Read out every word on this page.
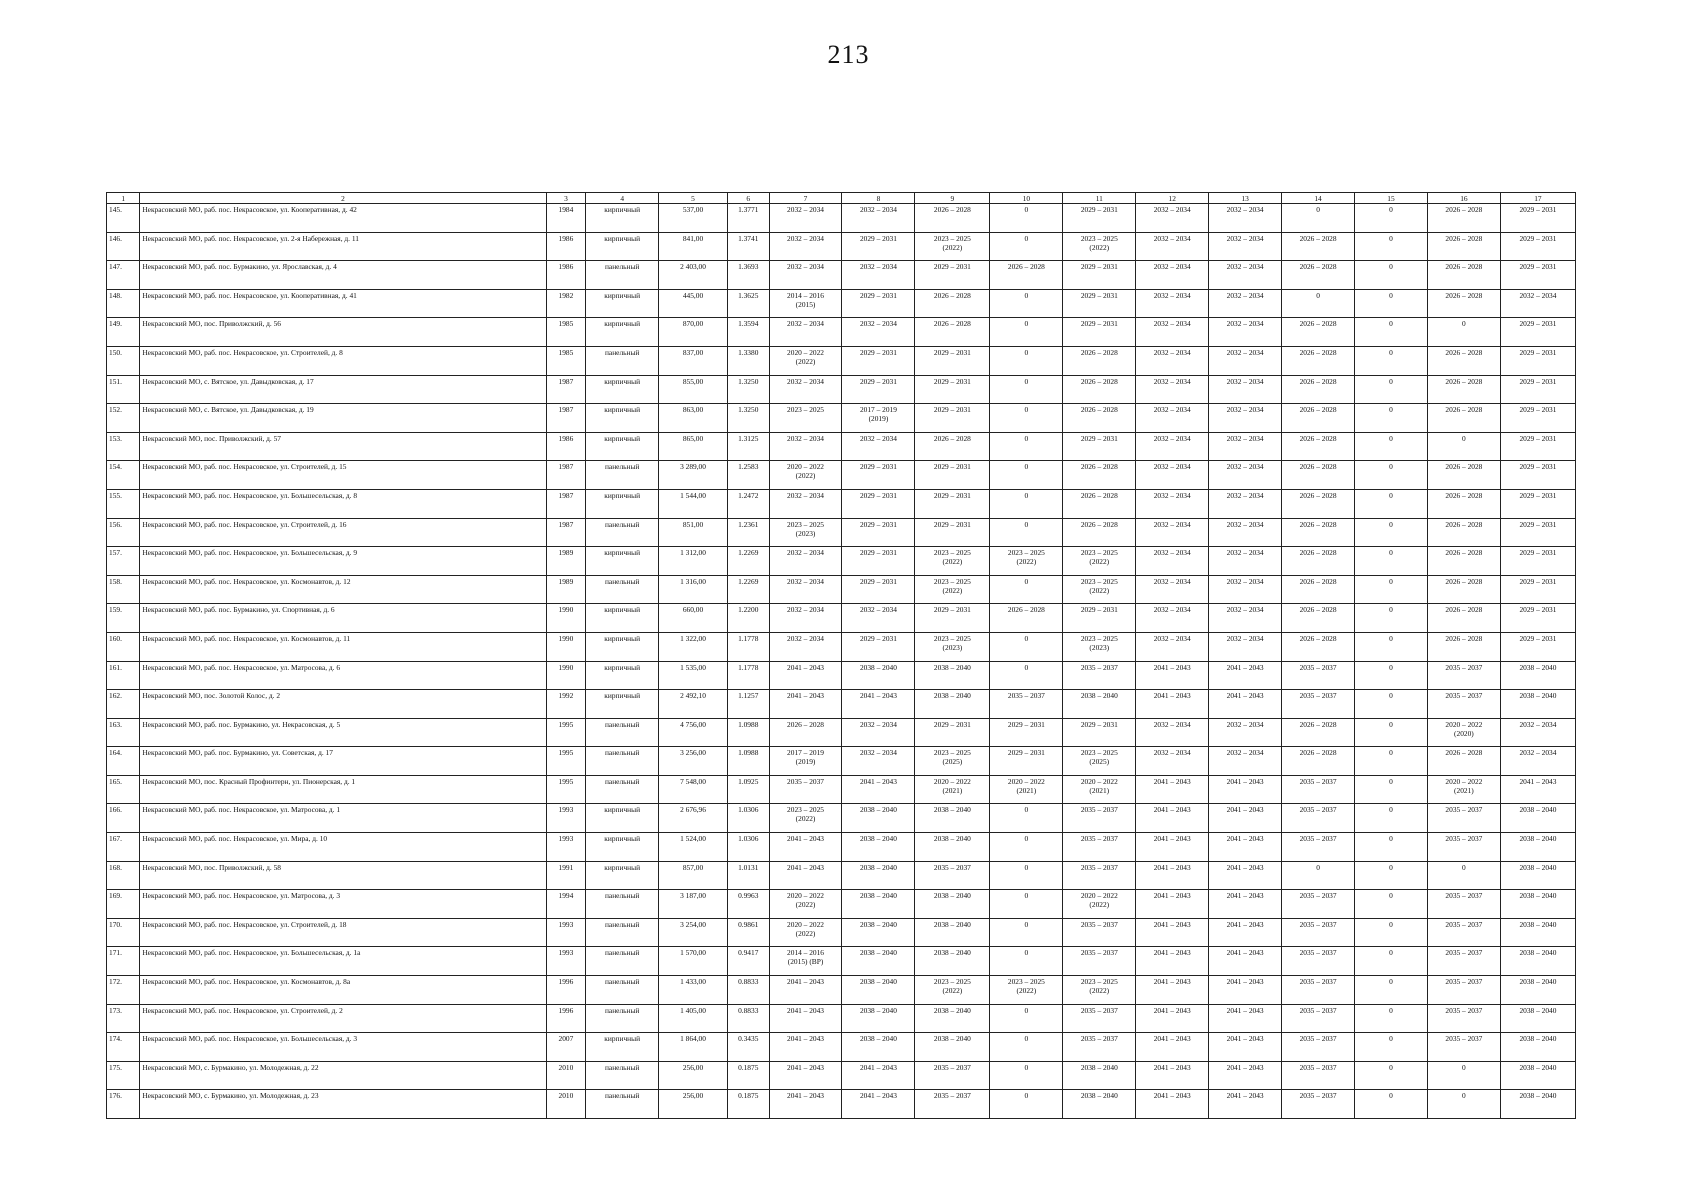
213
1	2	3	4	5	6	7	8	9	10	11	12	13	14	15	16	17
145.	Некрасовский МО, раб. пос. Некрасовское, ул. Кооперативная, д. 42	1984	кирпичный	537,00	1.3771	2032 – 2034	2032 – 2034	2026 – 2028	0	2029 – 2031	2032 – 2034	2032 – 2034	0	0	2026 – 2028	2029 – 2031
146.	Некрасовский МО, раб. пос. Некрасовское, ул. 2-я Набережная, д. 11	1986	кирпичный	841,00	1.3741	2032 – 2034	2029 – 2031	2023 – 2025
(2022)	0	2023 – 2025
(2022)	2032 – 2034	2032 – 2034	2026 – 2028	0	2026 – 2028	2029 – 2031
147.	Некрасовский МО, раб. пос. Бурмакино, ул. Ярославская, д. 4	1986	панельный	2 403,00	1.3693	2032 – 2034	2032 – 2034	2029 – 2031	2026 – 2028	2029 – 2031	2032 – 2034	2032 – 2034	2026 – 2028	0	2026 – 2028	2029 – 2031
148.	Некрасовский МО, раб. пос. Некрасовское, ул. Кооперативная, д. 41	1982	кирпичный	445,00	1.3625	2014 – 2016
(2015)	2029 – 2031	2026 – 2028	0	2029 – 2031	2032 – 2034	2032 – 2034	0	0	2026 – 2028	2032 – 2034
149.	Некрасовский МО, пос. Приволжский, д. 56	1985	кирпичный	870,00	1.3594	2032 – 2034	2032 – 2034	2026 – 2028	0	2029 – 2031	2032 – 2034	2032 – 2034	2026 – 2028	0	0	2029 – 2031
150.	Некрасовский МО, раб. пос. Некрасовское, ул. Строителей, д. 8	1985	панельный	837,00	1.3380	2020 – 2022
(2022)	2029 – 2031	2029 – 2031	0	2026 – 2028	2032 – 2034	2032 – 2034	2026 – 2028	0	2026 – 2028	2029 – 2031
151.	Некрасовский МО, с. Вятское, ул. Давыдковская, д. 17	1987	кирпичный	855,00	1.3250	2032 – 2034	2029 – 2031	2029 – 2031	0	2026 – 2028	2032 – 2034	2032 – 2034	2026 – 2028	0	2026 – 2028	2029 – 2031
152.	Некрасовский МО, с. Вятское, ул. Давыдковская, д. 19	1987	кирпичный	863,00	1.3250	2023 – 2025	2017 – 2019
(2019)	2029 – 2031	0	2026 – 2028	2032 – 2034	2032 – 2034	2026 – 2028	0	2026 – 2028	2029 – 2031
153.	Некрасовский МО, пос. Приволжский, д. 57	1986	кирпичный	865,00	1.3125	2032 – 2034	2032 – 2034	2026 – 2028	0	2029 – 2031	2032 – 2034	2032 – 2034	2026 – 2028	0	0	2029 – 2031
154.	Некрасовский МО, раб. пос. Некрасовское, ул. Строителей, д. 15	1987	панельный	3 289,00	1.2583	2020 – 2022
(2022)	2029 – 2031	2029 – 2031	0	2026 – 2028	2032 – 2034	2032 – 2034	2026 – 2028	0	2026 – 2028	2029 – 2031
155.	Некрасовский МО, раб. пос. Некрасовское, ул. Большесельская, д. 8	1987	кирпичный	1 544,00	1.2472	2032 – 2034	2029 – 2031	2029 – 2031	0	2026 – 2028	2032 – 2034	2032 – 2034	2026 – 2028	0	2026 – 2028	2029 – 2031
156.	Некрасовский МО, раб. пос. Некрасовское, ул. Строителей, д. 16	1987	панельный	851,00	1.2361	2023 – 2025
(2023)	2029 – 2031	2029 – 2031	0	2026 – 2028	2032 – 2034	2032 – 2034	2026 – 2028	0	2026 – 2028	2029 – 2031
157.	Некрасовский МО, раб. пос. Некрасовское, ул. Большесельская, д. 9	1989	кирпичный	1 312,00	1.2269	2032 – 2034	2029 – 2031	2023 – 2025
(2022)	2023 – 2025
(2022)	2023 – 2025
(2022)	2032 – 2034	2032 – 2034	2026 – 2028	0	2026 – 2028	2029 – 2031
158.	Некрасовский МО, раб. пос. Некрасовское, ул. Космонавтов, д. 12	1989	панельный	1 316,00	1.2269	2032 – 2034	2029 – 2031	2023 – 2025
(2022)	0	2023 – 2025
(2022)	2032 – 2034	2032 – 2034	2026 – 2028	0	2026 – 2028	2029 – 2031
159.	Некрасовский МО, раб. пос. Бурмакино, ул. Спортивная, д. 6	1990	кирпичный	660,00	1.2200	2032 – 2034	2032 – 2034	2029 – 2031	2026 – 2028	2029 – 2031	2032 – 2034	2032 – 2034	2026 – 2028	0	2026 – 2028	2029 – 2031
160.	Некрасовский МО, раб. пос. Некрасовское, ул. Космонавтов, д. 11	1990	кирпичный	1 322,00	1.1778	2032 – 2034	2029 – 2031	2023 – 2025
(2023)	0	2023 – 2025
(2023)	2032 – 2034	2032 – 2034	2026 – 2028	0	2026 – 2028	2029 – 2031
161.	Некрасовский МО, раб. пос. Некрасовское, ул. Матросова, д. 6	1990	кирпичный	1 535,00	1.1778	2041 – 2043	2038 – 2040	2038 – 2040	0	2035 – 2037	2041 – 2043	2041 – 2043	2035 – 2037	0	2035 – 2037	2038 – 2040
162.	Некрасовский МО, пос. Золотой Колос, д. 2	1992	кирпичный	2 492,10	1.1257	2041 – 2043	2041 – 2043	2038 – 2040	2035 – 2037	2038 – 2040	2041 – 2043	2041 – 2043	2035 – 2037	0	2035 – 2037	2038 – 2040
163.	Некрасовский МО, раб. пос. Бурмакино, ул. Некрасовская, д. 5	1995	панельный	4 756,00	1.0988	2026 – 2028	2032 – 2034	2029 – 2031	2029 – 2031	2029 – 2031	2032 – 2034	2032 – 2034	2026 – 2028	0	2020 – 2022
(2020)	2032 – 2034
164.	Некрасовский МО, раб. пос. Бурмакино, ул. Советская, д. 17	1995	панельный	3 256,00	1.0988	2017 – 2019
(2019)	2032 – 2034	2023 – 2025
(2025)	2029 – 2031	2023 – 2025
(2025)	2032 – 2034	2032 – 2034	2026 – 2028	0	2026 – 2028	2032 – 2034
165.	Некрасовский МО, пос. Красный Профинтерн, ул. Пионерская, д. 1	1995	панельный	7 548,00	1.0925	2035 – 2037	2041 – 2043	2020 – 2022
(2021)	2020 – 2022
(2021)	2020 – 2022
(2021)	2041 – 2043	2041 – 2043	2035 – 2037	0	2020 – 2022
(2021)	2041 – 2043
166.	Некрасовский МО, раб. пос. Некрасовское, ул. Матросова, д. 1	1993	кирпичный	2 676,96	1.0306	2023 – 2025
(2022)	2038 – 2040	2038 – 2040	0	2035 – 2037	2041 – 2043	2041 – 2043	2035 – 2037	0	2035 – 2037	2038 – 2040
167.	Некрасовский МО, раб. пос. Некрасовское, ул. Мира, д. 10	1993	кирпичный	1 524,00	1.0306	2041 – 2043	2038 – 2040	2038 – 2040	0	2035 – 2037	2041 – 2043	2041 – 2043	2035 – 2037	0	2035 – 2037	2038 – 2040
168.	Некрасовский МО, пос. Приволжский, д. 58	1991	кирпичный	857,00	1.0131	2041 – 2043	2038 – 2040	2035 – 2037	0	2035 – 2037	2041 – 2043	2041 – 2043	0	0	0	2038 – 2040
169.	Некрасовский МО, раб. пос. Некрасовское, ул. Матросова, д. 3	1994	панельный	3 187,00	0.9963	2020 – 2022
(2022)	2038 – 2040	2038 – 2040	0	2020 – 2022
(2022)	2041 – 2043	2041 – 2043	2035 – 2037	0	2035 – 2037	2038 – 2040
170.	Некрасовский МО, раб. пос. Некрасовское, ул. Строителей, д. 18	1993	панельный	3 254,00	0.9861	2020 – 2022
(2022)	2038 – 2040	2038 – 2040	0	2035 – 2037	2041 – 2043	2041 – 2043	2035 – 2037	0	2035 – 2037	2038 – 2040
171.	Некрасовский МО, раб. пос. Некрасовское, ул. Большесельская, д. 1а	1993	панельный	1 570,00	0.9417	2014 – 2016
(2015) (ВР)	2038 – 2040	2038 – 2040	0	2035 – 2037	2041 – 2043	2041 – 2043	2035 – 2037	0	2035 – 2037	2038 – 2040
172.	Некрасовский МО, раб. пос. Некрасовское, ул. Космонавтов, д. 8а	1996	панельный	1 433,00	0.8833	2041 – 2043	2038 – 2040	2023 – 2025
(2022)	2023 – 2025
(2022)	2023 – 2025
(2022)	2041 – 2043	2041 – 2043	2035 – 2037	0	2035 – 2037	2038 – 2040
173.	Некрасовский МО, раб. пос. Некрасовское, ул. Строителей, д. 2	1996	панельный	1 405,00	0.8833	2041 – 2043	2038 – 2040	2038 – 2040	0	2035 – 2037	2041 – 2043	2041 – 2043	2035 – 2037	0	2035 – 2037	2038 – 2040
174.	Некрасовский МО, раб. пос. Некрасовское, ул. Большесельская, д. 3	2007	кирпичный	1 864,00	0.3435	2041 – 2043	2038 – 2040	2038 – 2040	0	2035 – 2037	2041 – 2043	2041 – 2043	2035 – 2037	0	2035 – 2037	2038 – 2040
175.	Некрасовский МО, с. Бурмакино, ул. Молодежная, д. 22	2010	панельный	256,00	0.1875	2041 – 2043	2041 – 2043	2035 – 2037	0	2038 – 2040	2041 – 2043	2041 – 2043	2035 – 2037	0	0	2038 – 2040
176.	Некрасовский МО, с. Бурмакино, ул. Молодежная, д. 23	2010	панельный	256,00	0.1875	2041 – 2043	2041 – 2043	2035 – 2037	0	2038 – 2040	2041 – 2043	2041 – 2043	2035 – 2037	0	0	2038 – 2040
